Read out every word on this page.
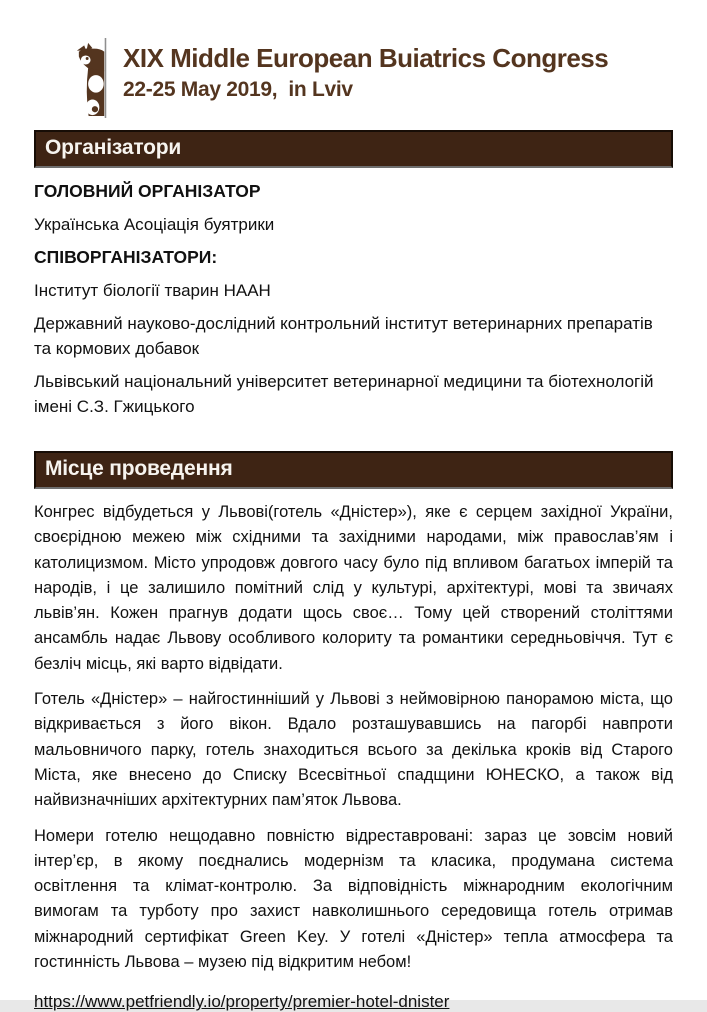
XIX Middle European Buiatrics Congress
22-25 May 2019,  in Lviv
Організатори
ГОЛОВНИЙ ОРГАНІЗАТОР
Українська Асоціація буятрики
СПІВОРГАНІЗАТОРИ:
Інститут біології тварин НААН
Державний науково-дослідний контрольний інститут ветеринарних препаратів та кормових добавок
Львівський національний університет ветеринарної медицини та біотехнологій імені С.З. Гжицького
Місце проведення

Конгрес відбудеться у Львові(готель «Дністер»), яке є серцем західної України, своєрідною межею між східними та західними народами, між православ’ям і католицизмом. Місто упродовж довгого часу було під впливом багатьох імперій та народів, і це залишило помітний слід у культурі, архітектурі, мові та звичаях львів’ян. Кожен прагнув додати щось своє… Тому цей створений століттями ансамбль надає Львову особливого колориту та романтики середньовіччя. Тут є безліч місць, які варто відвідати.

Готель «Дністер» – найгостинніший у Львові з неймовірною панорамою міста, що відкривається з його вікон. Вдало розташувавшись на пагорбі навпроти мальовничого парку, готель знаходиться всього за декілька кроків від Старого Міста, яке внесено до Списку Всесвітньої спадщини ЮНЕСКО, а також від найвизначніших архітектурних пам’яток Львова.

Номери готелю нещодавно повністю відреставровані: зараз це зовсім новий інтер’єр, в якому поєднались модернізм та класика, продумана система освітлення та клімат-контролю. За відповідність міжнародним екологічним вимогам та турботу про захист навколишнього середовища готель отримав міжнародний сертифікат Green Key. У готелі «Дністер» тепла атмосфера та гостинність Львова – музею під відкритим небом!

https://www.petfriendly.io/property/premier-hotel-dnister
